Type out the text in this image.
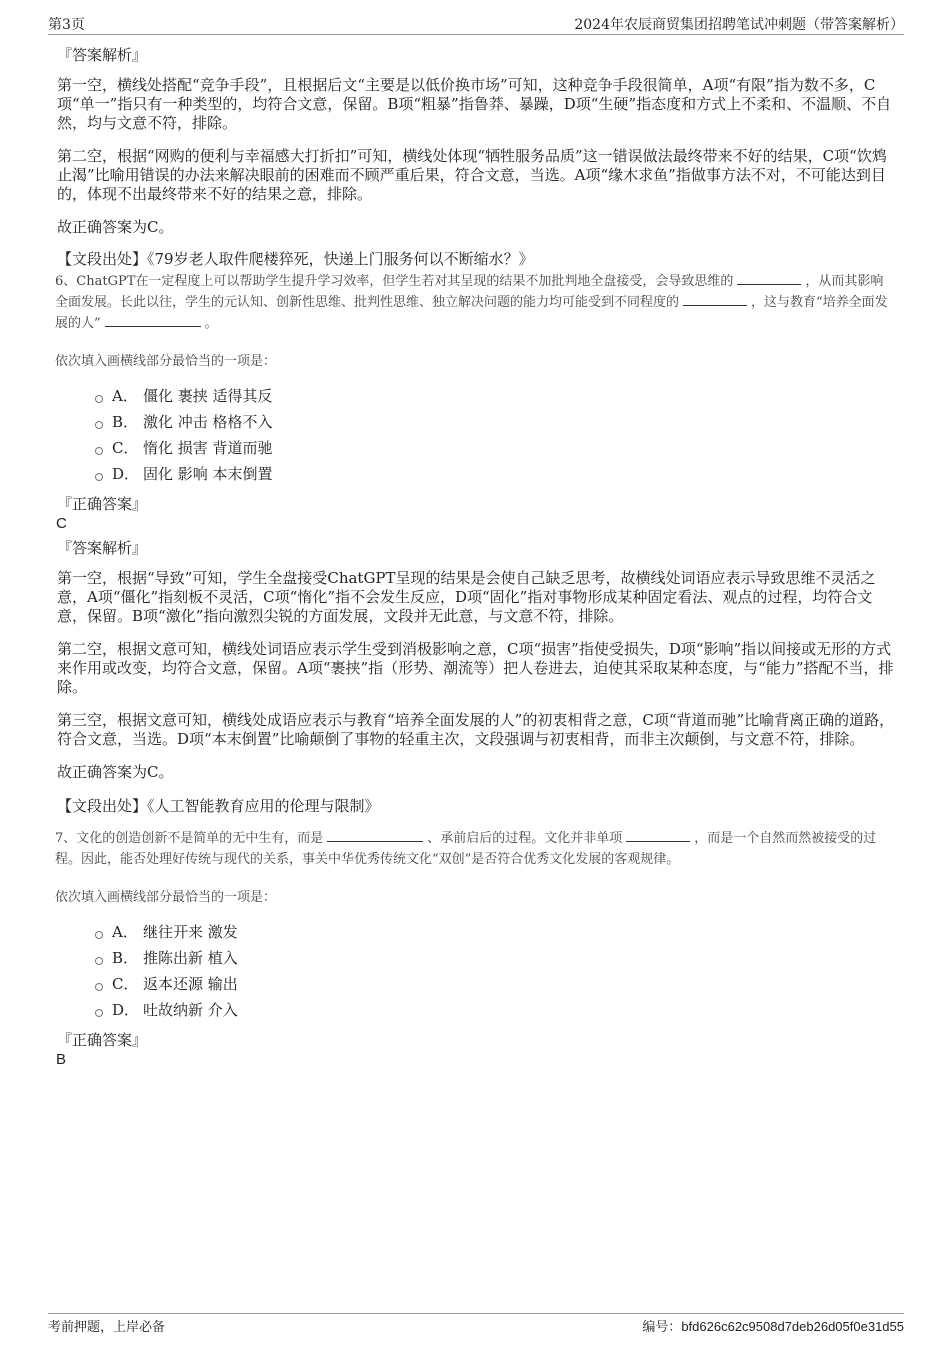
第3页	2024年农辰商贸集团招聘笔试冲刺题（带答案解析）
『答案解析』

第一空，横线处搭配“竞争手段”，且根据后文“主要是以低价换市场”可知，这种竞争手段很简单，A项“有限”指为数不多，C项“单一”指只有一种类型的，均符合文意，保留。B项“粗暴”指鲁莽、暴躁，D项“生硬”指态度和方式上不柔和、不温顺、不自然，均与文意不符，排除。

第二空，根据“网购的便利与幸福感大打折扣”可知，横线处体现“牺牲服务品质”这一错误做法最终带来不好的结果，C项“饮鸩止渴”比喻用错误的办法来解决眼前的困难而不顾严重后果，符合文意，当选。A项“缘木求鱼”指做事方法不对，不可能达到目的，体现不出最终带来不好的结果之意，排除。

故正确答案为C。

【文段出处】《79岁老人取件爬楼猝死，快递上门服务何以不断缩水？》
6、ChatGPT在一定程度上可以帮助学生提升学习效率，但学生若对其呈现的结果不加批判地全盘接受，会导致思维的	，从而其影响全面发展。长此以往，学生的元认知、创新性思维、批判性思维、独立解决问题的能力均可能受到不同程度的	，这与教育“培养全面发展的人”	。
依次填入画横线部分最恰当的一项是：
A． 僵化 裹挟 适得其反
B． 激化 冲击 格格不入
C． 惰化 损害 背道而驰
D． 固化 影响 本末倒置
『正确答案』
C
『答案解析』

第一空，根据“导致”可知，学生全盘接受ChatGPT呈现的结果是会使自己缺乏思考，故横线处词语应表示导致思维不灵活之意，A项“僵化”指刻板不灵活，C项“惰化”指不会发生反应，D项“固化”指对事物形成某种固定看法、观点的过程，均符合文意，保留。B项“激化”指向激烈尖锐的方面发展，文段并无此意，与文意不符，排除。

第二空，根据文意可知，横线处词语应表示学生受到消极影响之意，C项“损害”指使受损失，D项“影响”指以间接或无形的方式来作用或改变，均符合文意，保留。A项“裹挟”指（形势、潮流等）把人卷进去，迫使其采取某种态度，与“能力”搭配不当，排除。

第三空，根据文意可知，横线处成语应表示与教育“培养全面发展的人”的初衷相背之意，C项“背道而驰”比喻背离正确的道路，符合文意，当选。D项“本末倒置”比喻颠倒了事物的轻重主次，文段强调与初衷相背，而非主次颠倒，与文意不符，排除。

故正确答案为C。

【文段出处】《人工智能教育应用的伦理与限制》
7、文化的创造创新不是简单的无中生有，而是	、承前启后的过程。文化并非单项	，而是一个自然而然被接受的过程。因此，能否处理好传统与现代的关系，事关中华优秀传统文化“双创”是否符合优秀文化发展的客观规律。
依次填入画横线部分最恰当的一项是：
A． 继往开来 激发
B． 推陈出新 植入
C． 返本还源 输出
D． 吐故纳新 介入
『正确答案』
B
考前押题，上岸必备	编号：bfd626c62c9508d7deb26d05f0e31d55
